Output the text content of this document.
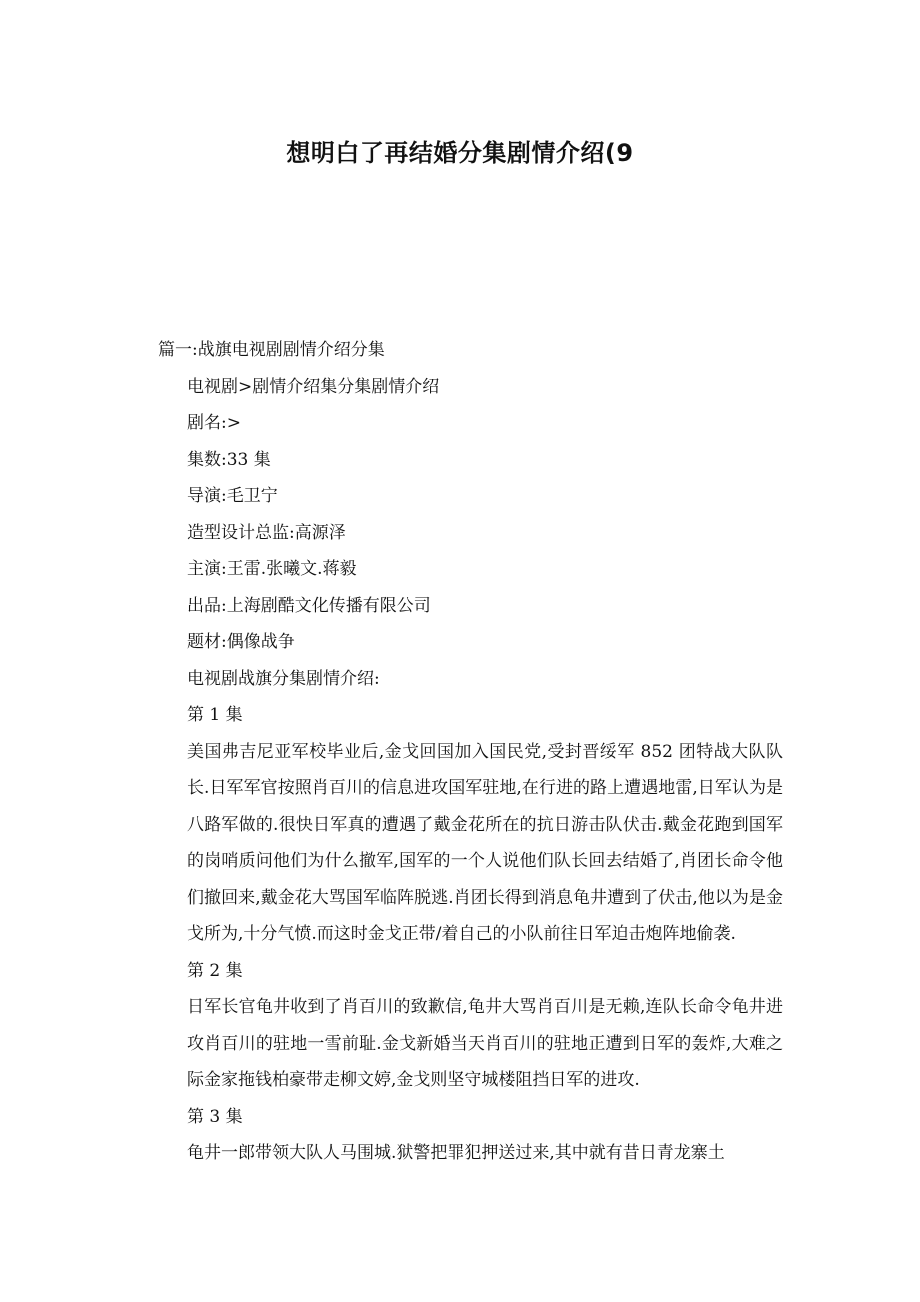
想明白了再结婚分集剧情介绍(9
篇一:战旗电视剧剧情介绍分集
电视剧>剧情介绍集分集剧情介绍
剧名:>
集数:33 集
导演:毛卫宁
造型设计总监:高源泽
主演:王雷.张曦文.蒋毅
出品:上海剧酷文化传播有限公司
题材:偶像战争
电视剧战旗分集剧情介绍:
第 1 集
美国弗吉尼亚军校毕业后,金戈回国加入国民党,受封晋绥军 852 团特战大队队长.日军军官按照肖百川的信息进攻国军驻地,在行进的路上遭遇地雷,日军认为是八路军做的.很快日军真的遭遇了戴金花所在的抗日游击队伏击.戴金花跑到国军的岗哨质问他们为什么撤军,国军的一个人说他们队长回去结婚了,肖团长命令他们撤回来,戴金花大骂国军临阵脱逃.肖团长得到消息龟井遭到了伏击,他以为是金戈所为,十分气愤.而这时金戈正带/着自己的小队前往日军迫击炮阵地偷袭.
第 2 集
日军长官龟井收到了肖百川的致歉信,龟井大骂肖百川是无赖,连队长命令龟井进攻肖百川的驻地一雪前耻.金戈新婚当天肖百川的驻地正遭到日军的轰炸,大难之际金家拖钱柏豪带走柳文婷,金戈则坚守城楼阻挡日军的进攻.
第 3 集
龟井一郎带领大队人马围城.狱警把罪犯押送过来,其中就有昔日青龙寨土
